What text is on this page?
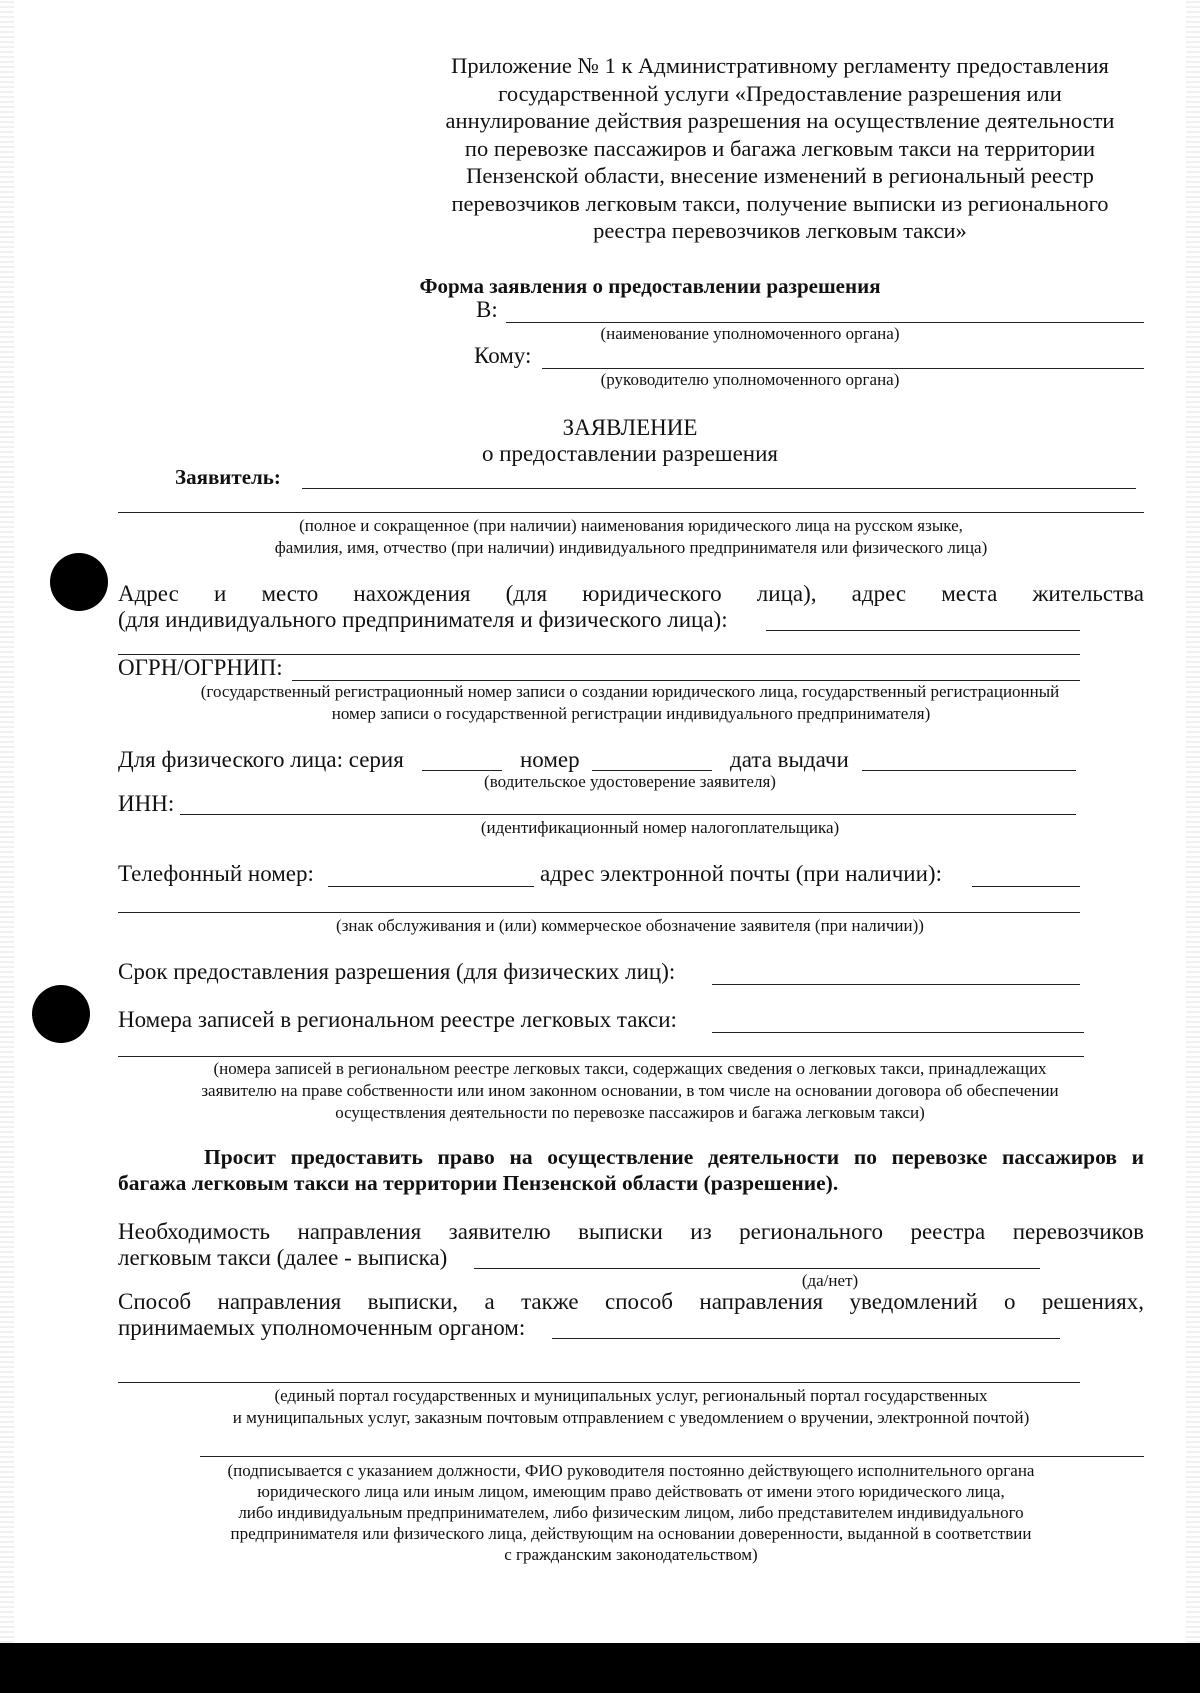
Приложение № 1 к Административному регламенту предоставления
государственной услуги «Предоставление разрешения или
аннулирование действия разрешения на осуществление деятельности
по перевозке пассажиров и багажа легковым такси на территории
Пензенской области, внесение изменений в региональный реестр
перевозчиков легковым такси, получение выписки из регионального
реестра перевозчиков легковым такси»
Форма заявления о предоставлении разрешения
В:
(наименование уполномоченного органа)
Кому:
(руководителю уполномоченного органа)
ЗАЯВЛЕНИЕ
о предоставлении разрешения
Заявитель:
(полное и сокращенное (при наличии) наименования юридического лица на русском языке,
фамилия, имя, отчество (при наличии) индивидуального предпринимателя или физического лица)
Адрес и место нахождения (для юридического лица), адрес места жительства
(для индивидуального предпринимателя и физического лица):
ОГРН/ОГРНИП:
(государственный регистрационный номер записи о создании юридического лица, государственный регистрационный
номер записи о государственной регистрации индивидуального предпринимателя)
Для физического лица: серия	номер	дата выдачи
(водительское удостоверение заявителя)
ИНН:
(идентификационный номер налогоплательщика)
Телефонный номер:	адрес электронной почты (при наличии):
(знак обслуживания и (или) коммерческое обозначение заявителя (при наличии))
Срок предоставления разрешения (для физических лиц):
Номера записей в региональном реестре легковых такси:
(номера записей в региональном реестре легковых такси, содержащих сведения о легковых такси, принадлежащих
заявителю на праве собственности или ином законном основании, в том числе на основании договора об обеспечении
осуществления деятельности по перевозке пассажиров и багажа легковым такси)
Просит предоставить право на осуществление деятельности по перевозке пассажиров и
багажа легковым такси на территории Пензенской области (разрешение).
Необходимость направления заявителю выписки из регионального реестра перевозчиков
легковым такси (далее - выписка)
(да/нет)
Способ направления выписки, а также способ направления уведомлений о решениях,
принимаемых уполномоченным органом:
(единый портал государственных и муниципальных услуг, региональный портал государственных
и муниципальных услуг, заказным почтовым отправлением с уведомлением о вручении, электронной почтой)
(подписывается с указанием должности, ФИО руководителя постоянно действующего исполнительного органа
юридического лица или иным лицом, имеющим право действовать от имени этого юридического лица,
либо индивидуальным предпринимателем, либо физическим лицом, либо представителем индивидуального
предпринимателя или физического лица, действующим на основании доверенности, выданной в соответствии
с гражданским законодательством)
